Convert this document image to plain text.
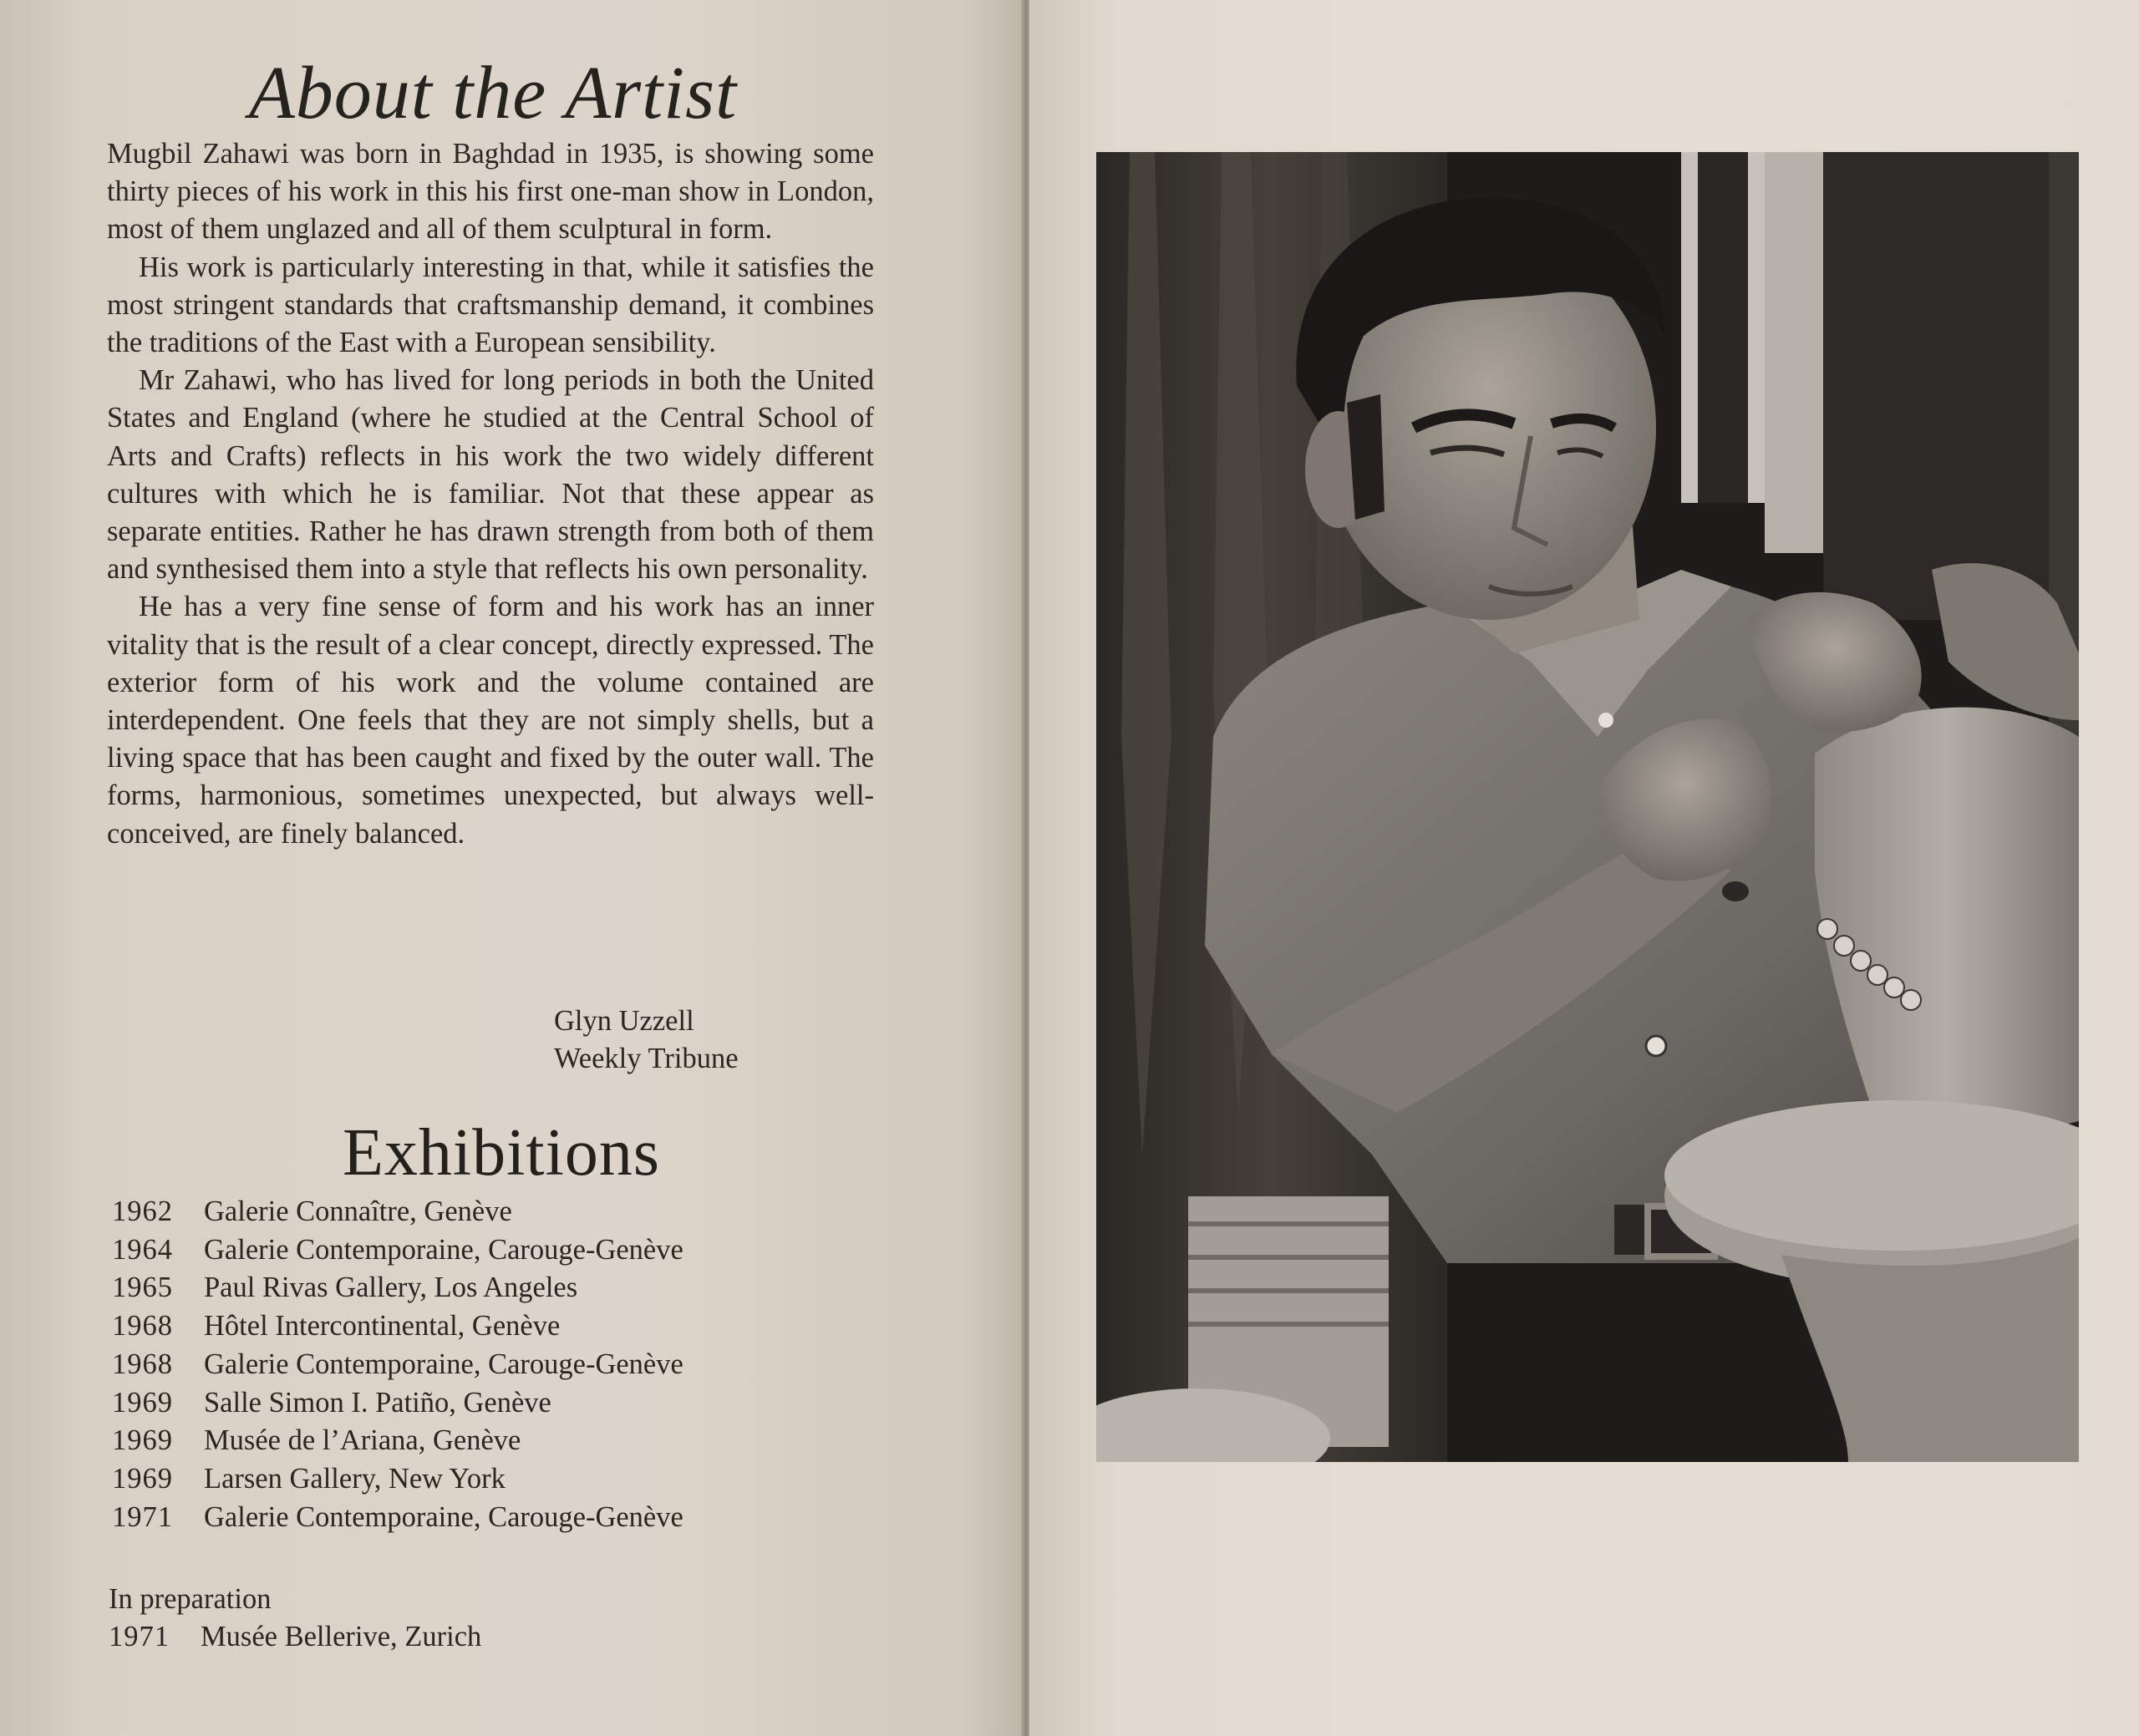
About the Artist

Mugbil Zahawi was born in Baghdad in 1935, is showing some thirty pieces of his work in this his first one-man show in London, most of them unglazed and all of them sculptural in form.

His work is particularly interesting in that, while it satisfies the most stringent standards that craftsmanship demand, it combines the traditions of the East with a European sensibility.

Mr Zahawi, who has lived for long periods in both the United States and England (where he studied at the Central School of Arts and Crafts) reflects in his work the two widely different cultures with which he is familiar. Not that these appear as separate entities. Rather he has drawn strength from both of them and synthesised them into a style that reflects his own personality.

He has a very fine sense of form and his work has an inner vitality that is the result of a clear concept, directly expressed. The exterior form of his work and the volume contained are interdependent. One feels that they are not simply shells, but a living space that has been caught and fixed by the outer wall. The forms, harmonious, sometimes unexpected, but always well-conceived, are finely balanced.

Glyn Uzzell
Weekly Tribune
Exhibitions
1962 Galerie Connaître, Genève
1964 Galerie Contemporaine, Carouge-Genève
1965 Paul Rivas Gallery, Los Angeles
1968 Hôtel Intercontinental, Genève
1968 Galerie Contemporaine, Carouge-Genève
1969 Salle Simon I. Patiño, Genève
1969 Musée de l’Ariana, Genève
1969 Larsen Gallery, New York
1971 Galerie Contemporaine, Carouge-Genève
In preparation
1971 Musée Bellerive, Zurich
